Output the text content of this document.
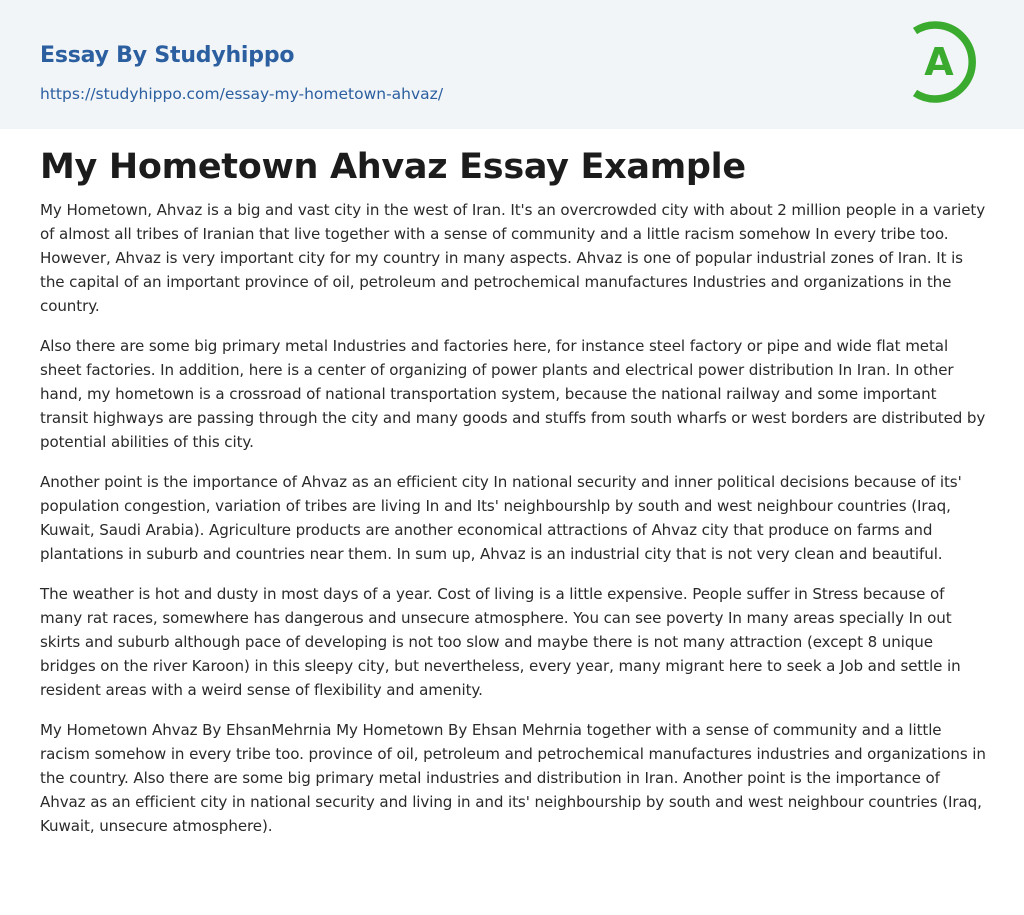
Essay By Studyhippo
https://studyhippo.com/essay-my-hometown-ahvaz/
A
My Hometown Ahvaz Essay Example

My Hometown, Ahvaz is a big and vast city in the west of Iran. It's an overcrowded city with about 2 million people in a variety of almost all tribes of Iranian that live together with a sense of community and a little racism somehow In every tribe too. However, Ahvaz is very important city for my country in many aspects. Ahvaz is one of popular industrial zones of Iran. It is the capital of an important province of oil, petroleum and petrochemical manufactures Industries and organizations in the country.

Also there are some big primary metal Industries and factories here, for instance steel factory or pipe and wide flat metal sheet factories. In addition, here is a center of organizing of power plants and electrical power distribution In Iran. In other hand, my hometown is a crossroad of national transportation system, because the national railway and some important transit highways are passing through the city and many goods and stuffs from south wharfs or west borders are distributed by potential abilities of this city.

Another point is the importance of Ahvaz as an efficient city In national security and inner political decisions because of its' population congestion, variation of tribes are living In and Its' neighbourshlp by south and west neighbour countries (Iraq, Kuwait, Saudi Arabia). Agriculture products are another economical attractions of Ahvaz city that produce on farms and plantations in suburb and countries near them. In sum up, Ahvaz is an industrial city that is not very clean and beautiful.

The weather is hot and dusty in most days of a year. Cost of living is a little expensive. People suffer in Stress because of many rat races, somewhere has dangerous and unsecure atmosphere. You can see poverty In many areas specially In out skirts and suburb although pace of developing is not too slow and maybe there is not many attraction (except 8 unique bridges on the river Karoon) in this sleepy city, but nevertheless, every year, many migrant here to seek a Job and settle in resident areas with a weird sense of flexibility and amenity.

My Hometown Ahvaz By EhsanMehrnia My Hometown By Ehsan Mehrnia together with a sense of community and a little racism somehow in every tribe too. province of oil, petroleum and petrochemical manufactures industries and organizations in the country. Also there are some big primary metal industries and distribution in Iran. Another point is the importance of Ahvaz as an efficient city in national security and living in and its' neighbourship by south and west neighbour countries (Iraq, Kuwait, unsecure atmosphere).
